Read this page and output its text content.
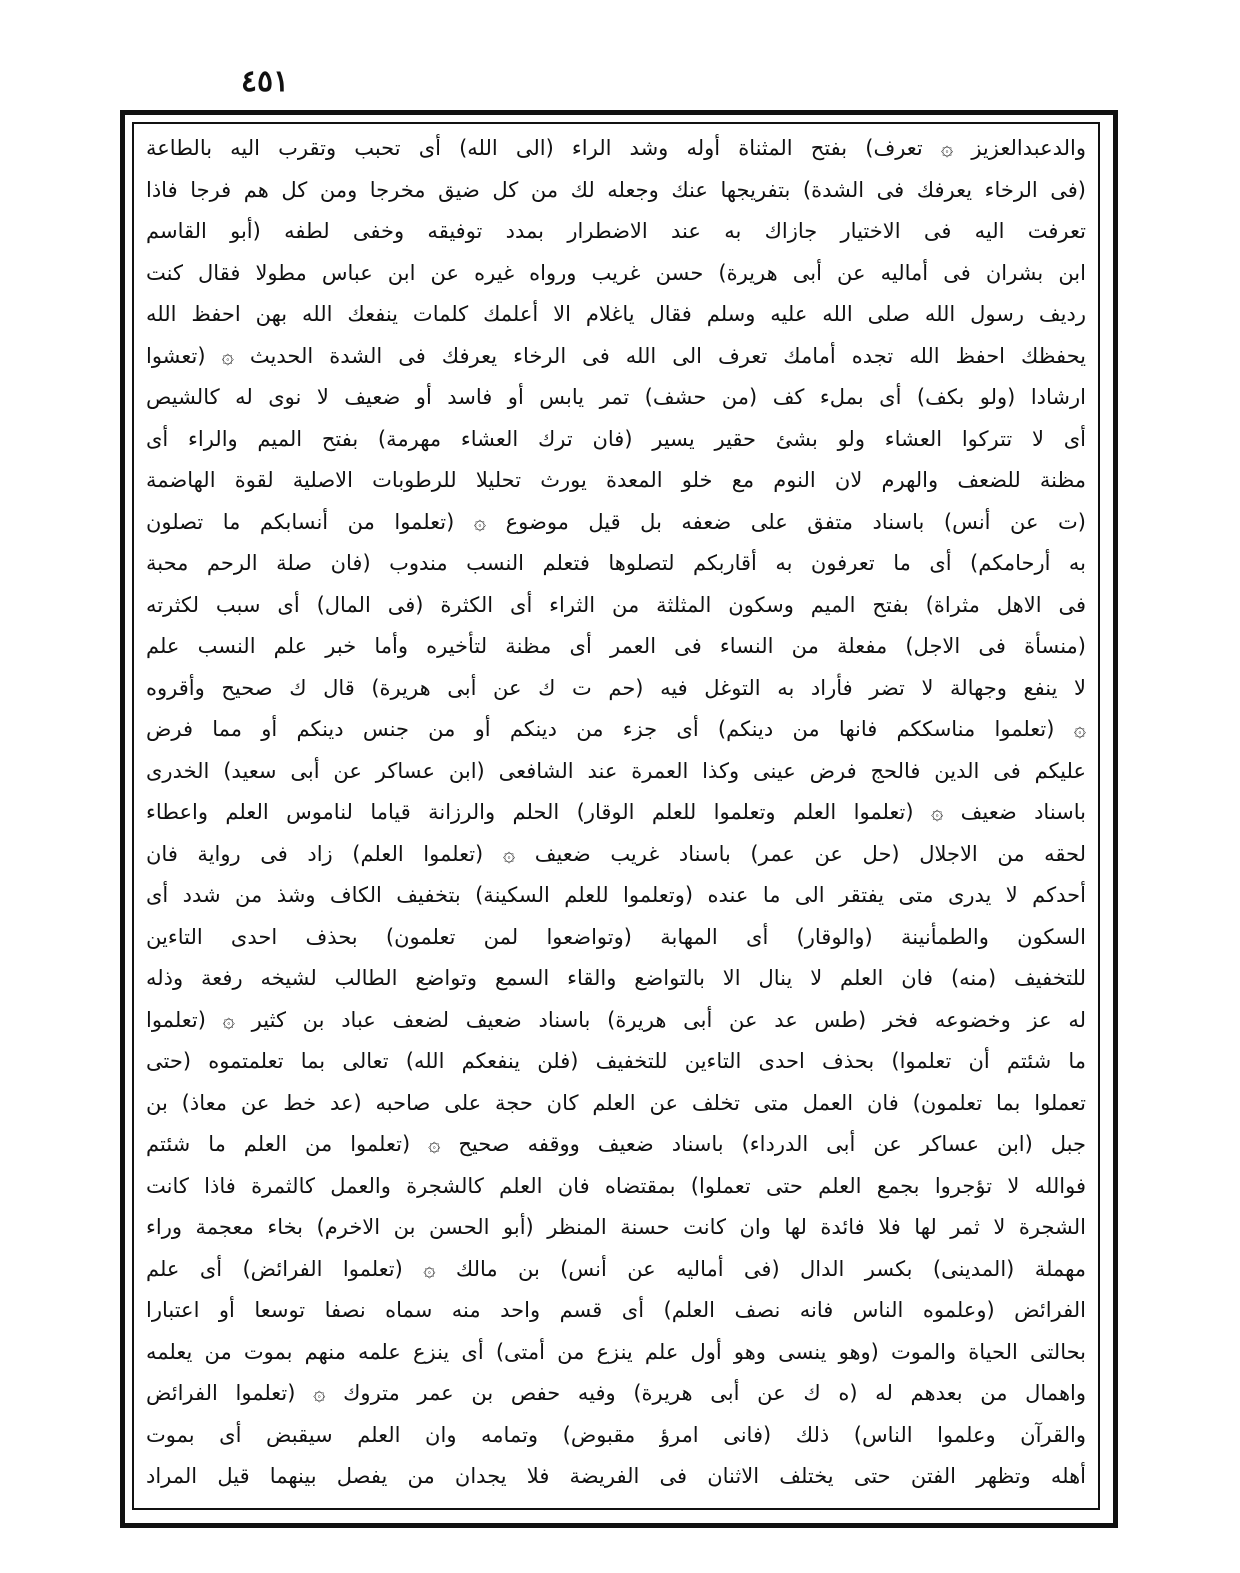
٤٥١
والدعبدالعزيز ۞ تعرف) بفتح المثناة أوله وشد الراء (الى الله) أى تحبب وتقرب اليه بالطاعة
(فى الرخاء يعرفك فى الشدة) بتفريجها عنك وجعله لك من كل ضيق مخرجا ومن كل هم فرجا فاذا
تعرفت اليه فى الاختيار جازاك به عند الاضطرار بمدد توفيقه وخفى لطفه (أبو القاسم
ابن بشران فى أماليه عن أبى هريرة) حسن غريب ورواه غيره عن ابن عباس مطولا فقال كنت
رديف رسول الله صلى الله عليه وسلم فقال ياغلام الا أعلمك كلمات ينفعك الله بهن احفظ الله
يحفظك احفظ الله تجده أمامك تعرف الى الله فى الرخاء يعرفك فى الشدة الحديث ۞ (تعشوا
ارشادا (ولو بكف) أى بملء كف (من حشف) تمر يابس أو فاسد أو ضعيف لا نوى له كالشيص
أى لا تتركوا العشاء ولو بشئ حقير يسير (فان ترك العشاء مهرمة) بفتح الميم والراء أى
مظنة للضعف والهرم لان النوم مع خلو المعدة يورث تحليلا للرطوبات الاصلية لقوة الهاضمة
(ت عن أنس) باسناد متفق على ضعفه بل قيل موضوع ۞ (تعلموا من أنسابكم ما تصلون
به أرحامكم) أى ما تعرفون به أقاربكم لتصلوها فتعلم النسب مندوب (فان صلة الرحم محبة
فى الاهل مثراة) بفتح الميم وسكون المثلثة من الثراء أى الكثرة (فى المال) أى سبب لكثرته
(منسأة فى الاجل) مفعلة من النساء فى العمر أى مظنة لتأخيره وأما خبر علم النسب علم
لا ينفع وجهالة لا تضر فأراد به التوغل فيه (حم ت ك عن أبى هريرة) قال ك صحيح وأقروه
۞ (تعلموا مناسككم فانها من دينكم) أى جزء من دينكم أو من جنس دينكم أو مما فرض
عليكم فى الدين فالحج فرض عينى وكذا العمرة عند الشافعى (ابن عساكر عن أبى سعيد) الخدرى
باسناد ضعيف ۞ (تعلموا العلم وتعلموا للعلم الوقار) الحلم والرزانة قياما لناموس العلم واعطاء
لحقه من الاجلال (حل عن عمر) باسناد غريب ضعيف ۞ (تعلموا العلم) زاد فى رواية فان
أحدكم لا يدرى متى يفتقر الى ما عنده (وتعلموا للعلم السكينة) بتخفيف الكاف وشذ من شدد أى
السكون والطمأنينة (والوقار) أى المهابة (وتواضعوا لمن تعلمون) بحذف احدى التاءين
للتخفيف (منه) فان العلم لا ينال الا بالتواضع والقاء السمع وتواضع الطالب لشيخه رفعة وذله
له عز وخضوعه فخر (طس عد عن أبى هريرة) باسناد ضعيف لضعف عباد بن كثير ۞ (تعلموا
ما شئتم أن تعلموا) بحذف احدى التاءين للتخفيف (فلن ينفعكم الله) تعالى بما تعلمتموه (حتى
تعملوا بما تعلمون) فان العمل متى تخلف عن العلم كان حجة على صاحبه (عد خط عن معاذ) بن
جبل (ابن عساكر عن أبى الدرداء) باسناد ضعيف ووقفه صحيح ۞ (تعلموا من العلم ما شئتم
فوالله لا تؤجروا بجمع العلم حتى تعملوا) بمقتضاه فان العلم كالشجرة والعمل كالثمرة فاذا كانت
الشجرة لا ثمر لها فلا فائدة لها وان كانت حسنة المنظر (أبو الحسن بن الاخرم) بخاء معجمة وراء
مهملة (المدينى) بكسر الدال (فى أماليه عن أنس) بن مالك ۞ (تعلموا الفرائض) أى علم
الفرائض (وعلموه الناس فانه نصف العلم) أى قسم واحد منه سماه نصفا توسعا أو اعتبارا
بحالتى الحياة والموت (وهو ينسى وهو أول علم ينزع من أمتى) أى ينزع علمه منهم بموت من يعلمه
واهمال من بعدهم له (ه ك عن أبى هريرة) وفيه حفص بن عمر متروك ۞ (تعلموا الفرائض
والقرآن وعلموا الناس) ذلك (فانى امرؤ مقبوض) وتمامه وان العلم سيقبض أى بموت
أهله وتظهر الفتن حتى يختلف الاثنان فى الفريضة فلا يجدان من يفصل بينهما قيل المراد
